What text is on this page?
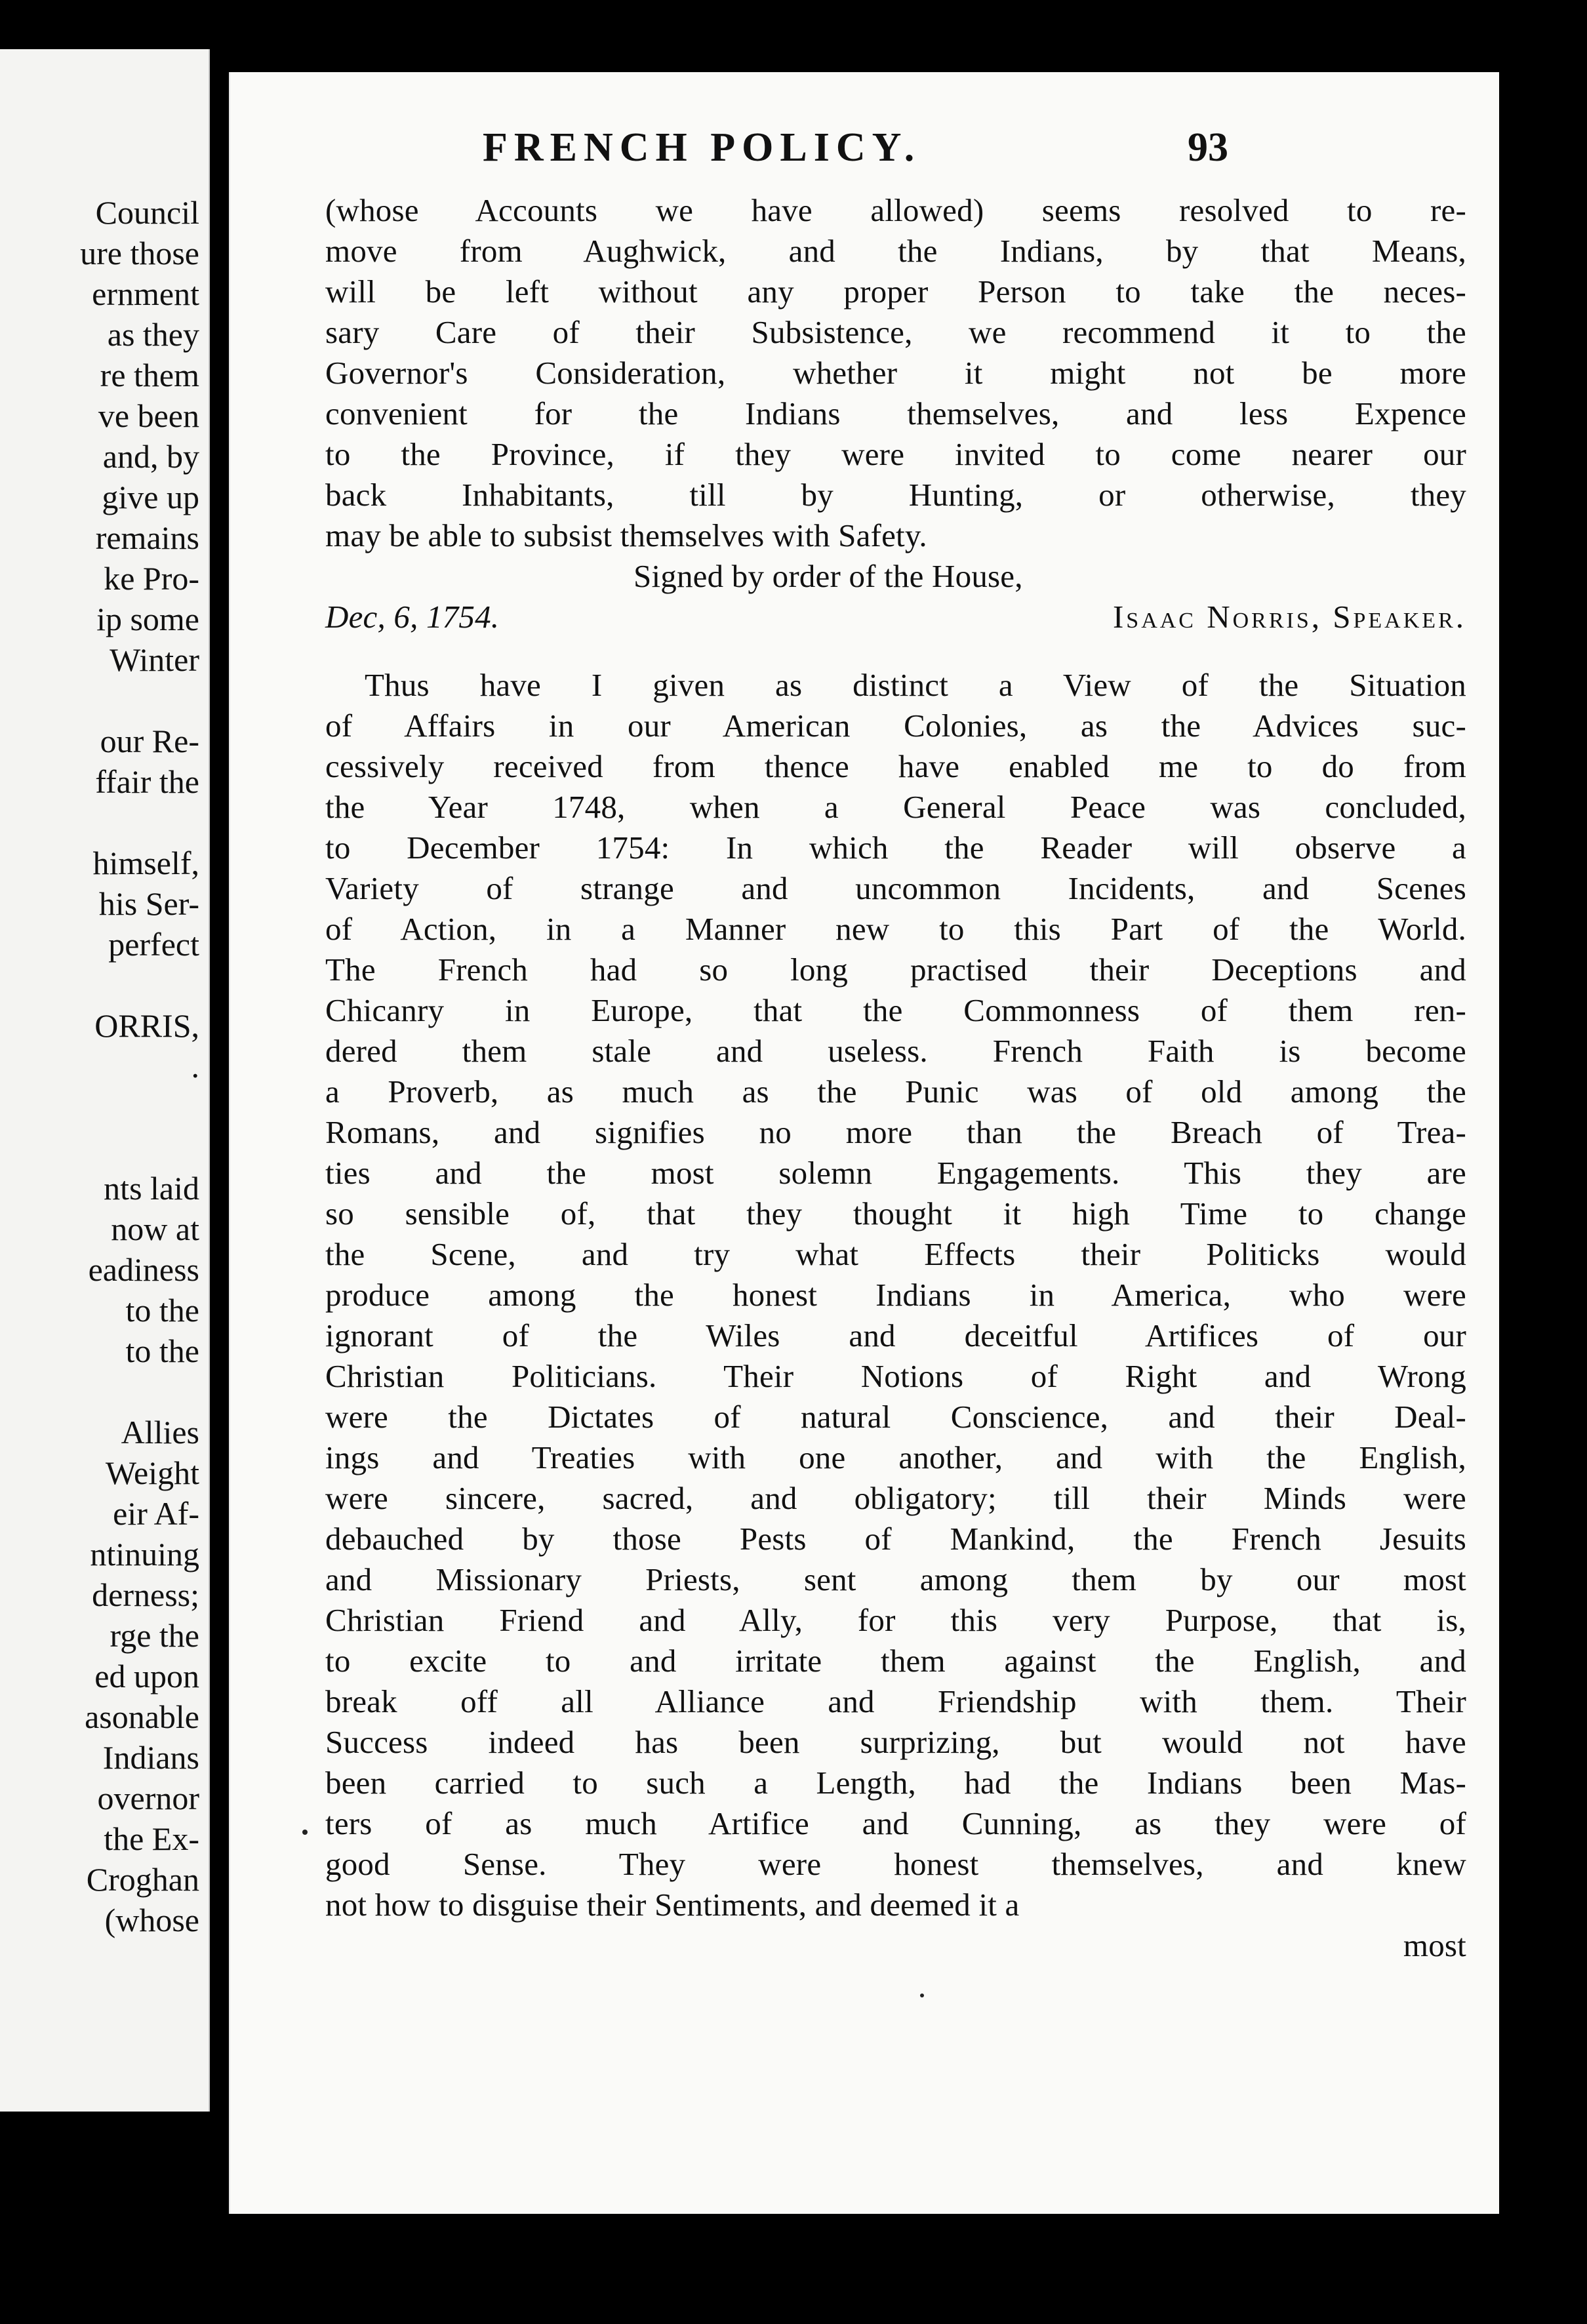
Council
ure those
ernment
as they
re them
ve been
and, by
give up
remains
ke Pro-
ip some
Winter
our Re-
ffair the
himself,
his Ser-
perfect
ORRIS,
.
nts laid
now at
eadiness
to the
to the
Allies
Weight
eir Af-
ntinuing
derness;
rge the
ed upon
asonable
Indians
overnor
the Ex-
Croghan
(whose
FRENCH POLICY.	93
(whose Accounts we have allowed) seems resolved to re-
move from Aughwick, and the Indians, by that Means,
will be left without any proper Person to take the neces-
sary Care of their Subsistence, we recommend it to the
Governor's Consideration, whether it might not be more
convenient for the Indians themselves, and less Expence
to the Province, if they were invited to come nearer our
back Inhabitants, till by Hunting, or otherwise, they
may be able to subsist themselves with Safety.
Signed by order of the House,
Dec, 6, 1754.	Isaac Norris, Speaker.
Thus have I given as distinct a View of the Situation
of Affairs in our American Colonies, as the Advices suc-
cessively received from thence have enabled me to do from
the Year 1748, when a General Peace was concluded,
to December 1754: In which the Reader will observe a
Variety of strange and uncommon Incidents, and Scenes
of Action, in a Manner new to this Part of the World.
The French had so long practised their Deceptions and
Chicanry in Europe, that the Commonness of them ren-
dered them stale and useless. French Faith is become
a Proverb, as much as the Punic was of old among the
Romans, and signifies no more than the Breach of Trea-
ties and the most solemn Engagements. This they are
so sensible of, that they thought it high Time to change
the Scene, and try what Effects their Politicks would
produce among the honest Indians in America, who were
ignorant of the Wiles and deceitful Artifices of our
Christian Politicians. Their Notions of Right and Wrong
were the Dictates of natural Conscience, and their Deal-
ings and Treaties with one another, and with the English,
were sincere, sacred, and obligatory; till their Minds were
debauched by those Pests of Mankind, the French Jesuits
and Missionary Priests, sent among them by our most
Christian Friend and Ally, for this very Purpose, that is,
to excite to and irritate them against the English, and
break off all Alliance and Friendship with them. Their
Success indeed has been surprizing, but would not have
been carried to such a Length, had the Indians been Mas-
ters of as much Artifice and Cunning, as they were of
good Sense. They were honest themselves, and knew
not how to disguise their Sentiments, and deemed it a
most
